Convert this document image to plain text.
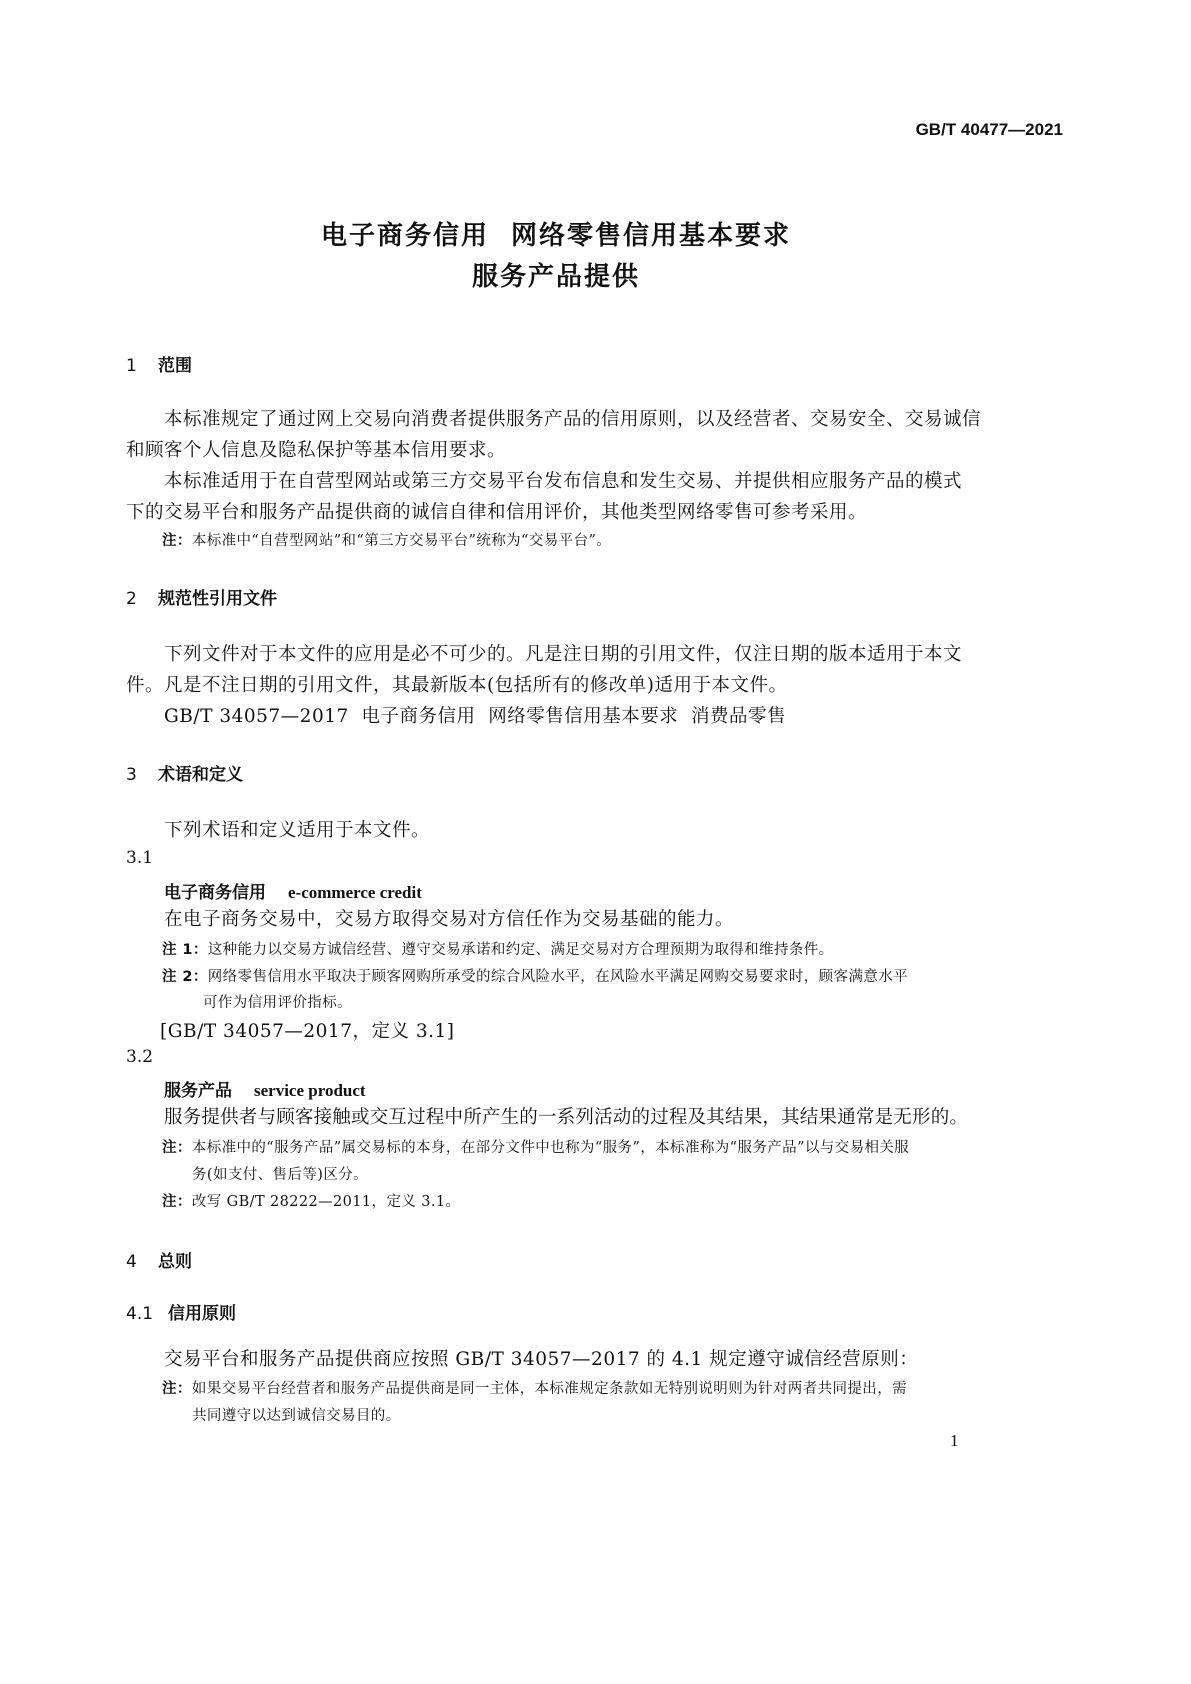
GB/T 40477—2021
电子商务信用  网络零售信用基本要求
服务产品提供
1 范围
本标准规定了通过网上交易向消费者提供服务产品的信用原则，以及经营者、交易安全、交易诚信
和顾客个人信息及隐私保护等基本信用要求。
本标准适用于在自营型网站或第三方交易平台发布信息和发生交易、并提供相应服务产品的模式
下的交易平台和服务产品提供商的诚信自律和信用评价，其他类型网络零售可参考采用。
注：本标准中“自营型网站”和“第三方交易平台”统称为“交易平台”。
2 规范性引用文件
下列文件对于本文件的应用是必不可少的。凡是注日期的引用文件，仅注日期的版本适用于本文
件。凡是不注日期的引用文件，其最新版本(包括所有的修改单)适用于本文件。
GB/T 34057—2017  电子商务信用  网络零售信用基本要求  消费品零售
3 术语和定义
下列术语和定义适用于本文件。
3.1
电子商务信用 e-commerce credit
在电子商务交易中，交易方取得交易对方信任作为交易基础的能力。
注 1：这种能力以交易方诚信经营、遵守交易承诺和约定、满足交易对方合理预期为取得和维持条件。
注 2：网络零售信用水平取决于顾客网购所承受的综合风险水平，在风险水平满足网购交易要求时，顾客满意水平
可作为信用评价指标。
[GB/T 34057—2017，定义 3.1]
3.2
服务产品 service product
服务提供者与顾客接触或交互过程中所产生的一系列活动的过程及其结果，其结果通常是无形的。
注：本标准中的“服务产品”属交易标的本身，在部分文件中也称为“服务”，本标准称为“服务产品”以与交易相关服
务(如支付、售后等)区分。
注：改写 GB/T 28222—2011，定义 3.1。
4 总则
4.1 信用原则
交易平台和服务产品提供商应按照 GB/T 34057—2017 的 4.1 规定遵守诚信经营原则：
注：如果交易平台经营者和服务产品提供商是同一主体，本标准规定条款如无特别说明则为针对两者共同提出，需
共同遵守以达到诚信交易目的。
1
